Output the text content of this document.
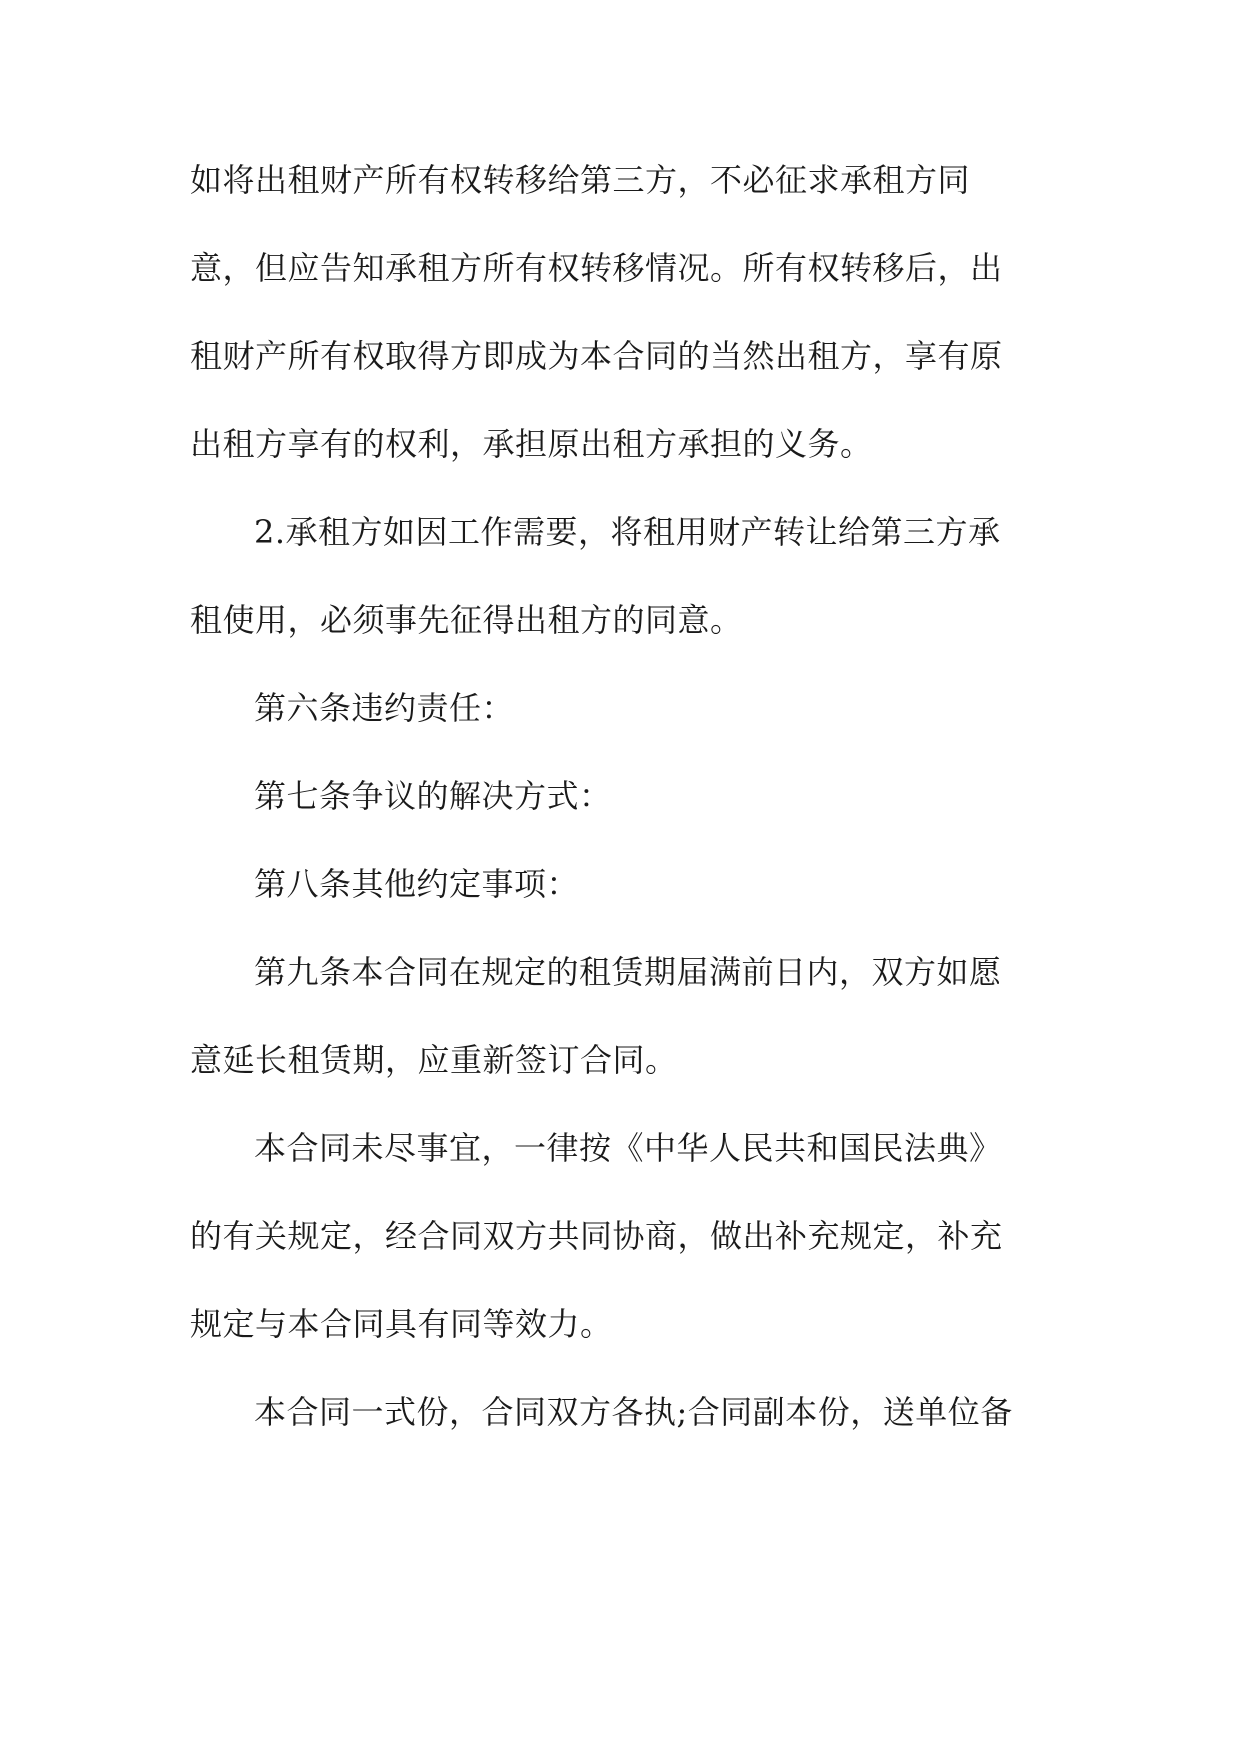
如将出租财产所有权转移给第三方，不必征求承租方同
意，但应告知承租方所有权转移情况。所有权转移后，出
租财产所有权取得方即成为本合同的当然出租方，享有原
出租方享有的权利，承担原出租方承担的义务。
2.承租方如因工作需要，将租用财产转让给第三方承
租使用，必须事先征得出租方的同意。
第六条违约责任：
第七条争议的解决方式：
第八条其他约定事项：
第九条本合同在规定的租赁期届满前日内，双方如愿
意延长租赁期，应重新签订合同。
本合同未尽事宜，一律按《中华人民共和国民法典》
的有关规定，经合同双方共同协商，做出补充规定，补充
规定与本合同具有同等效力。
本合同一式份，合同双方各执;合同副本份，送单位备
